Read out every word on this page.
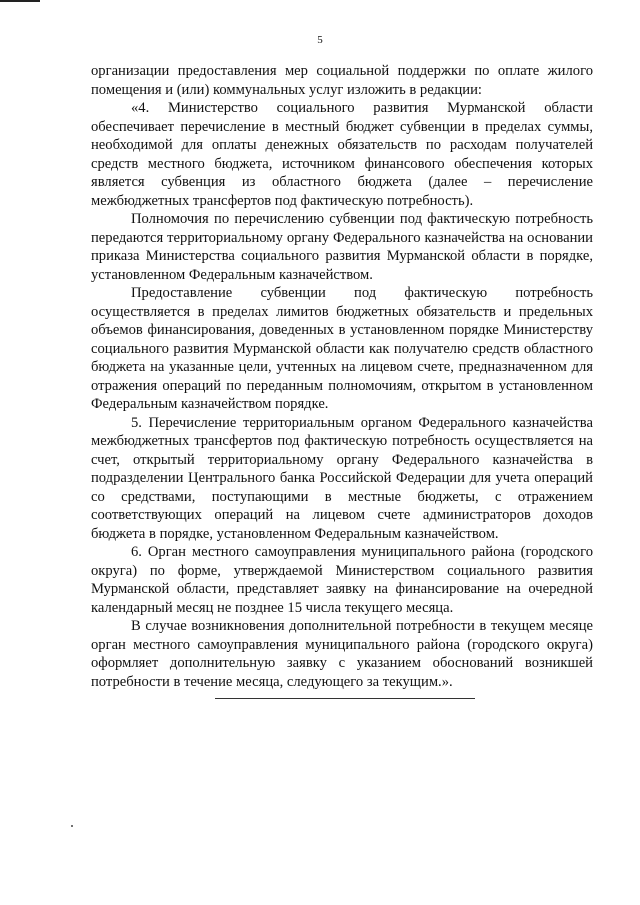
5

организации предоставления мер социальной поддержки по оплате жилого помещения и (или) коммунальных услуг изложить в редакции:

«4. Министерство социального развития Мурманской области обеспечивает перечисление в местный бюджет субвенции в пределах суммы, необходимой для оплаты денежных обязательств по расходам получателей средств местного бюджета, источником финансового обеспечения которых является субвенция из областного бюджета (далее – перечисление межбюджетных трансфертов под фактическую потребность).

Полномочия по перечислению субвенции под фактическую потребность передаются территориальному органу Федерального казначейства на основании приказа Министерства социального развития Мурманской области в порядке, установленном Федеральным казначейством.

Предоставление субвенции под фактическую потребность осуществляется в пределах лимитов бюджетных обязательств и предельных объемов финансирования, доведенных в установленном порядке Министерству социального развития Мурманской области как получателю средств областного бюджета на указанные цели, учтенных на лицевом счете, предназначенном для отражения операций по переданным полномочиям, открытом в установленном Федеральным казначейством порядке.

5. Перечисление территориальным органом Федерального казначейства межбюджетных трансфертов под фактическую потребность осуществляется на счет, открытый территориальному органу Федерального казначейства в подразделении Центрального банка Российской Федерации для учета операций со средствами, поступающими в местные бюджеты, с отражением соответствующих операций на лицевом счете администраторов доходов бюджета в порядке, установленном Федеральным казначейством.

6. Орган местного самоуправления муниципального района (городского округа) по форме, утверждаемой Министерством социального развития Мурманской области, представляет заявку на финансирование на очередной календарный месяц не позднее 15 числа текущего месяца.

В случае возникновения дополнительной потребности в текущем месяце орган местного самоуправления муниципального района (городского округа) оформляет дополнительную заявку с указанием обоснований возникшей потребности в течение месяца, следующего за текущим.».
